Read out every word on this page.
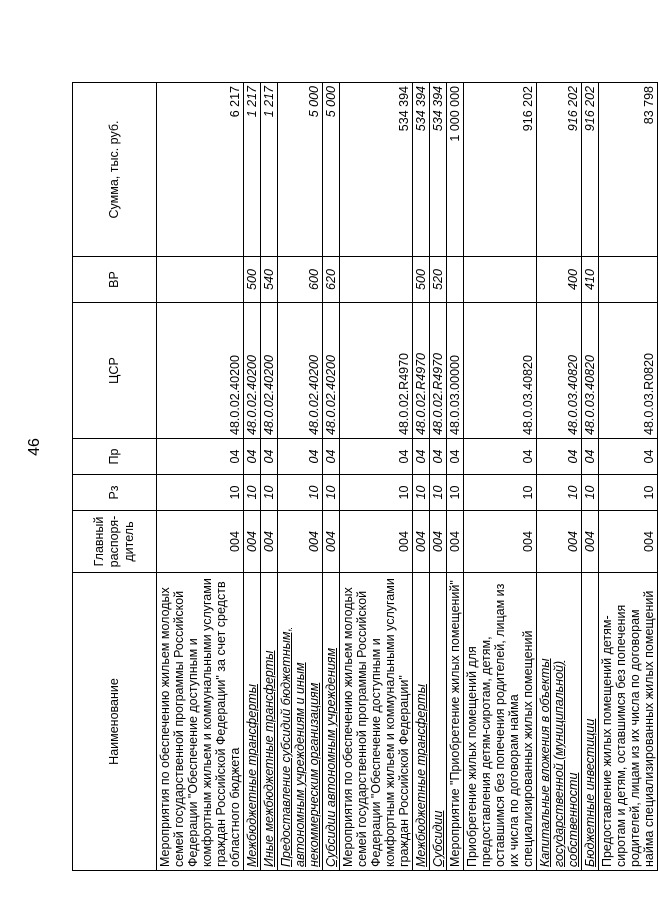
46
Наименование	Главный распоря-дитель	Рз	Пр	ЦСР	ВР	Сумма, тыс. руб.
Мероприятия по обеспечению жильем молодых семей государственной программы Российской Федерации "Обеспечение доступным и комфортным жильем и коммунальными услугами граждан Российской Федерации" за счет средств областного бюджета	004	10	04	48.0.02.40200		6 217
Межбюджетные трансферты	004	10	04	48.0.02.40200	500	1 217
Иные межбюджетные трансферты	004	10	04	48.0.02.40200	540	1 217
Предоставление субсидий бюджетным, автономным учреждениям и иным некоммерческим организациям	004	10	04	48.0.02.40200	600	5 000
Субсидии автономным учреждениям	004	10	04	48.0.02.40200	620	5 000
Мероприятия по обеспечению жильем молодых семей государственной программы Российской Федерации "Обеспечение доступным и комфортным жильем и коммунальными услугами граждан Российской Федерации"	004	10	04	48.0.02.R4970		534 394
Межбюджетные трансферты	004	10	04	48.0.02.R4970	500	534 394
Субсидии	004	10	04	48.0.02.R4970	520	534 394
Мероприятие "Приобретение жилых помещений"	004	10	04	48.0.03.00000		1 000 000
Приобретение жилых помещений для предоставления детям-сиротам, детям, оставшимся без попечения родителей, лицам из их числа по договорам найма специализированных жилых помещений	004	10	04	48.0.03.40820		916 202
Капитальные вложения в объекты государственной (муниципальной) собственности	004	10	04	48.0.03.40820	400	916 202
Бюджетные инвестиции	004	10	04	48.0.03.40820	410	916 202
Предоставление жилых помещений детям-сиротам и детям, оставшимся без попечения родителей, лицам из их числа по договорам найма специализированных жилых помещений	004	10	04	48.0.03.R0820		83 798
